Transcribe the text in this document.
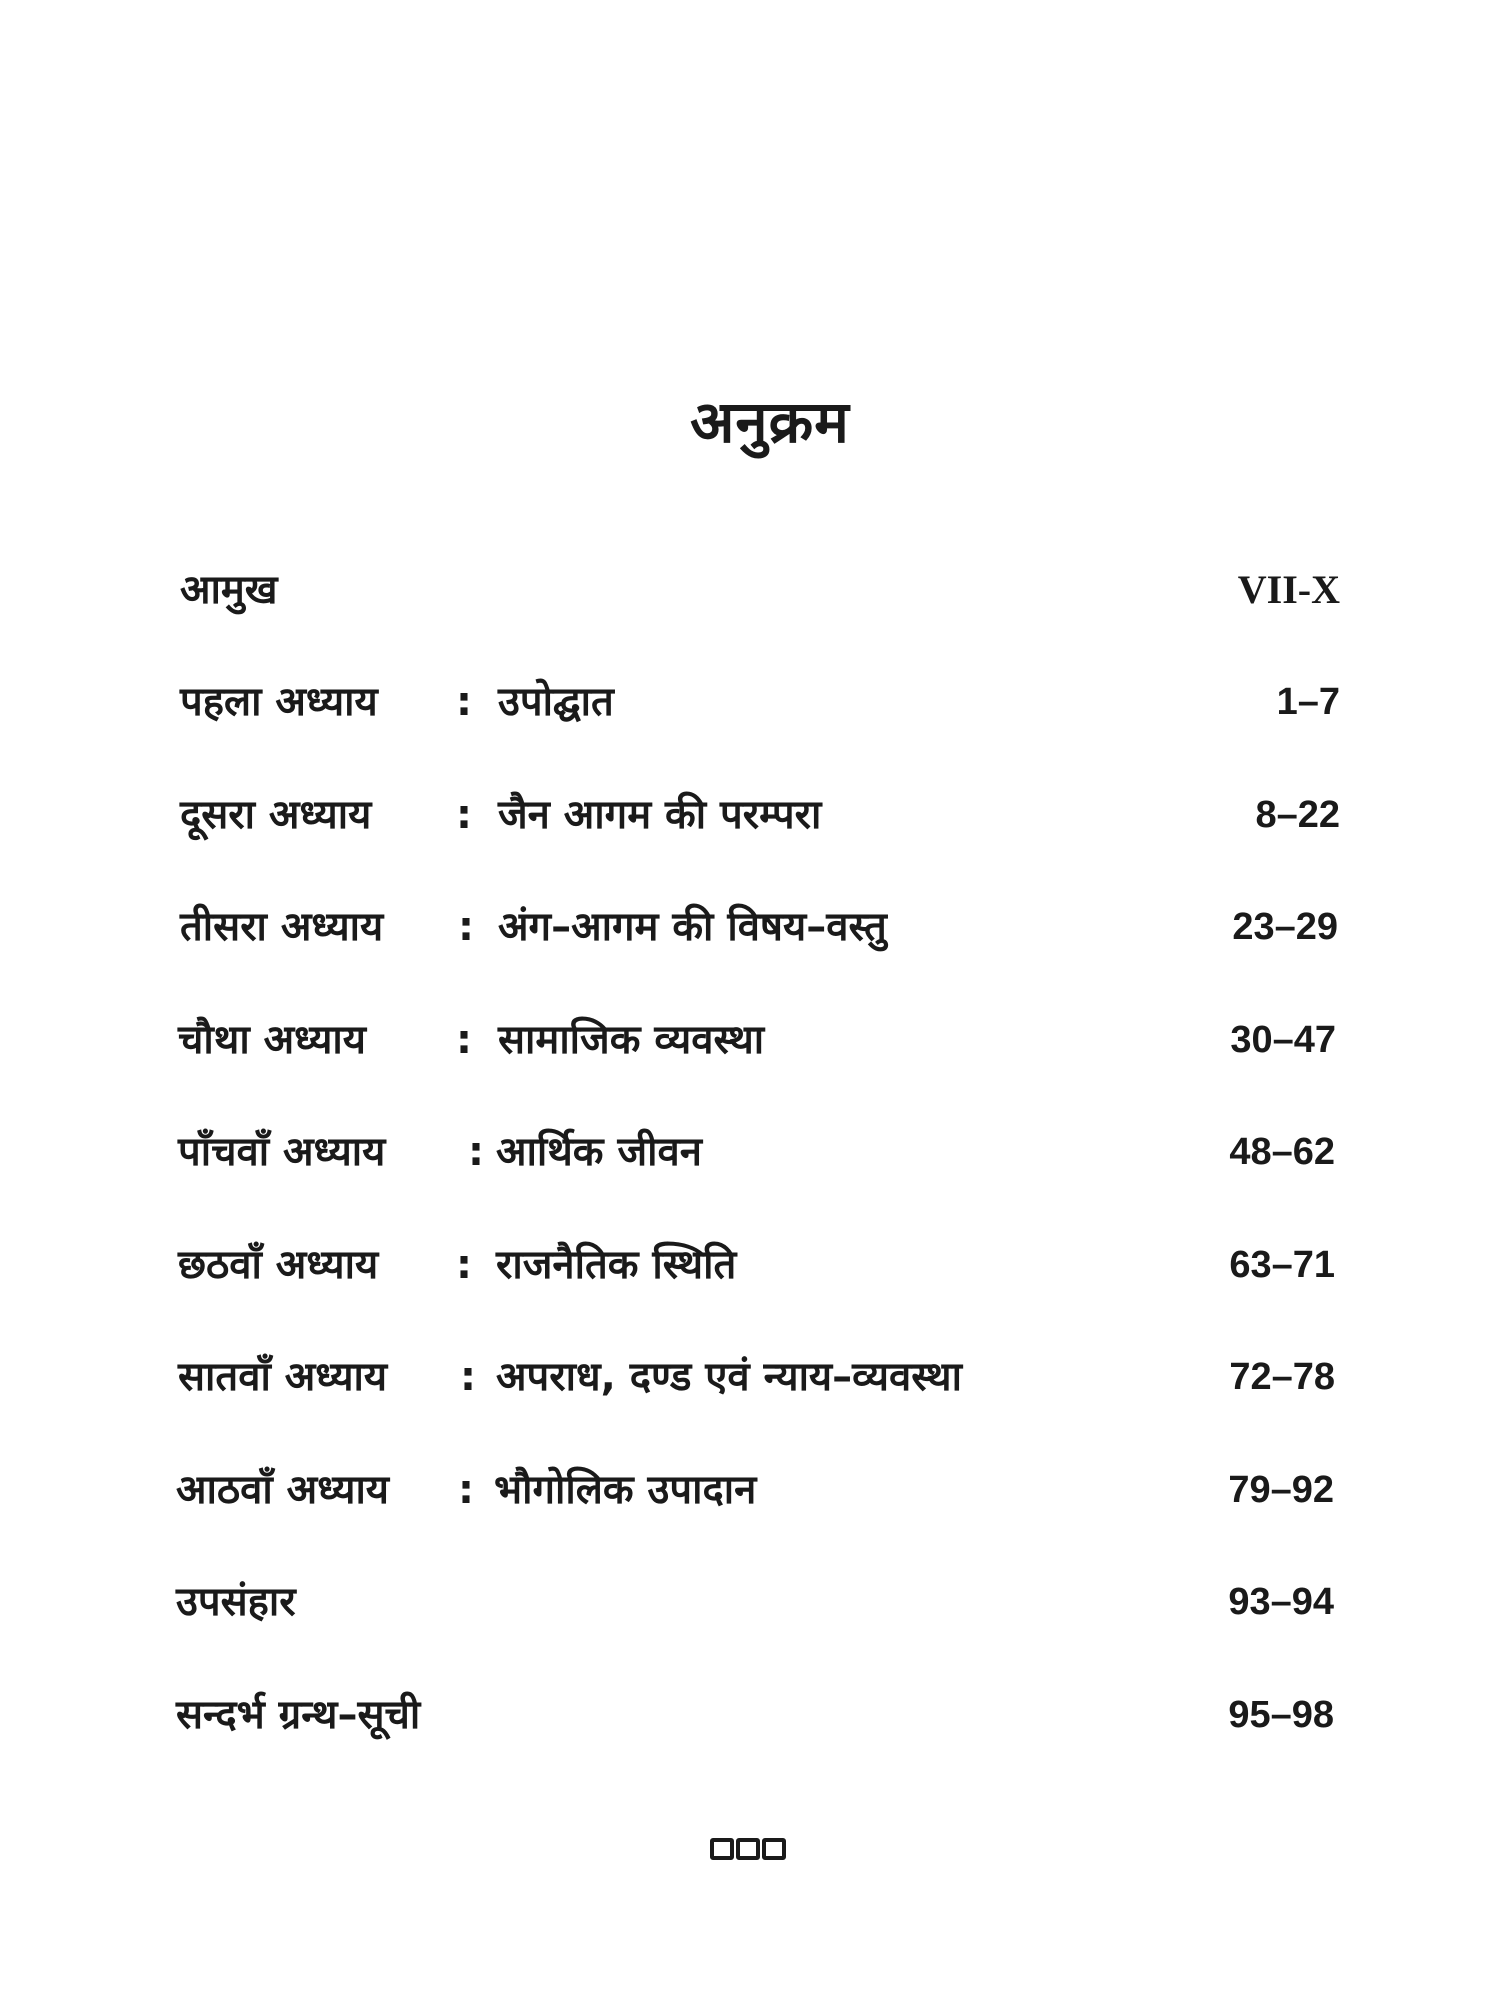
अनुक्रम
आमुख	VII-X
पहला अध्याय : उपोद्घात	1–7
दूसरा अध्याय : जैन आगम की परम्परा	8–22
तीसरा अध्याय : अंग–आगम की विषय–वस्तु	23–29
चौथा अध्याय : सामाजिक व्यवस्था	30–47
पाँचवाँ अध्याय : आर्थिक जीवन	48–62
छठवाँ अध्याय : राजनैतिक स्थिति	63–71
सातवाँ अध्याय : अपराध, दण्ड एवं न्याय–व्यवस्था	72–78
आठवाँ अध्याय : भौगोलिक उपादान	79–92
उपसंहार	93–94
सन्दर्भ ग्रन्थ–सूची	95–98
